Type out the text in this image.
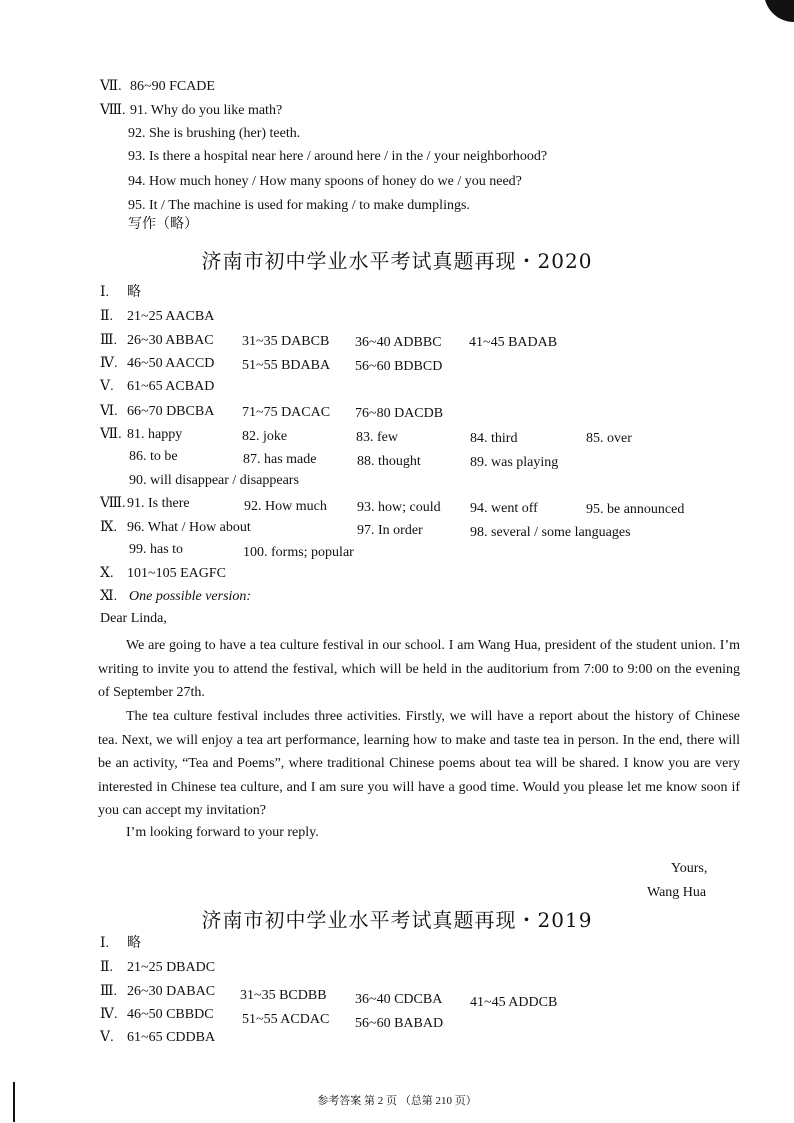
Ⅶ. 86~90 FCADE
Ⅷ. 91. Why do you like math?
92. She is brushing (her) teeth.
93. Is there a hospital near here / around here / in the / your neighborhood?
94. How much honey / How many spoons of honey do we / you need?
95. It / The machine is used for making / to make dumplings.
写作（略）
济南市初中学业水平考试真题再现・2020
Ⅰ. 略
Ⅱ. 21~25 AACBA
Ⅲ. 26~30 ABBAC 31~35 DABCB 36~40 ADBBC 41~45 BADAB
Ⅳ. 46~50 AACCD 51~55 BDABA 56~60 BDBCD
Ⅴ. 61~65 ACBAD
Ⅵ. 66~70 DBCBA 71~75 DACAC 76~80 DACDB
Ⅶ. 81. happy	82. joke	83. few	84. third	85. over
86. to be	87. has made	88. thought	89. was playing
90. will disappear / disappears
Ⅷ. 91. Is there	92. How much 93. how; could 94. went off	95. be announced
Ⅸ. 96. What / How about	97. In order	98. several / some languages
99. has to	100. forms; popular
Ⅹ. 101~105 EAGFC
Ⅺ. One possible version:
Dear Linda,
We are going to have a tea culture festival in our school. I am Wang Hua, president of the student union. I’m writing to invite you to attend the festival, which will be held in the auditorium from 7:00 to 9:00 on the evening of September 27th.
The tea culture festival includes three activities. Firstly, we will have a report about the history of Chinese tea. Next, we will enjoy a tea art performance, learning how to make and taste tea in person. In the end, there will be an activity, “Tea and Poems”, where traditional Chinese poems about tea will be shared. I know you are very interested in Chinese tea culture, and I am sure you will have a good time. Would you please let me know soon if you can accept my invitation?
I’m looking forward to your reply.
Yours,
Wang Hua
济南市初中学业水平考试真题再现・2019
Ⅰ. 略
Ⅱ. 21~25 DBADC
Ⅲ. 26~30 DABAC 31~35 BCDBB 36~40 CDCBA 41~45 ADDCB
Ⅳ. 46~50 CBBDC 51~55 ACDAC 56~60 BABAD
Ⅴ. 61~65 CDDBA
参考答案 第 2 页 （总第 210 页）
